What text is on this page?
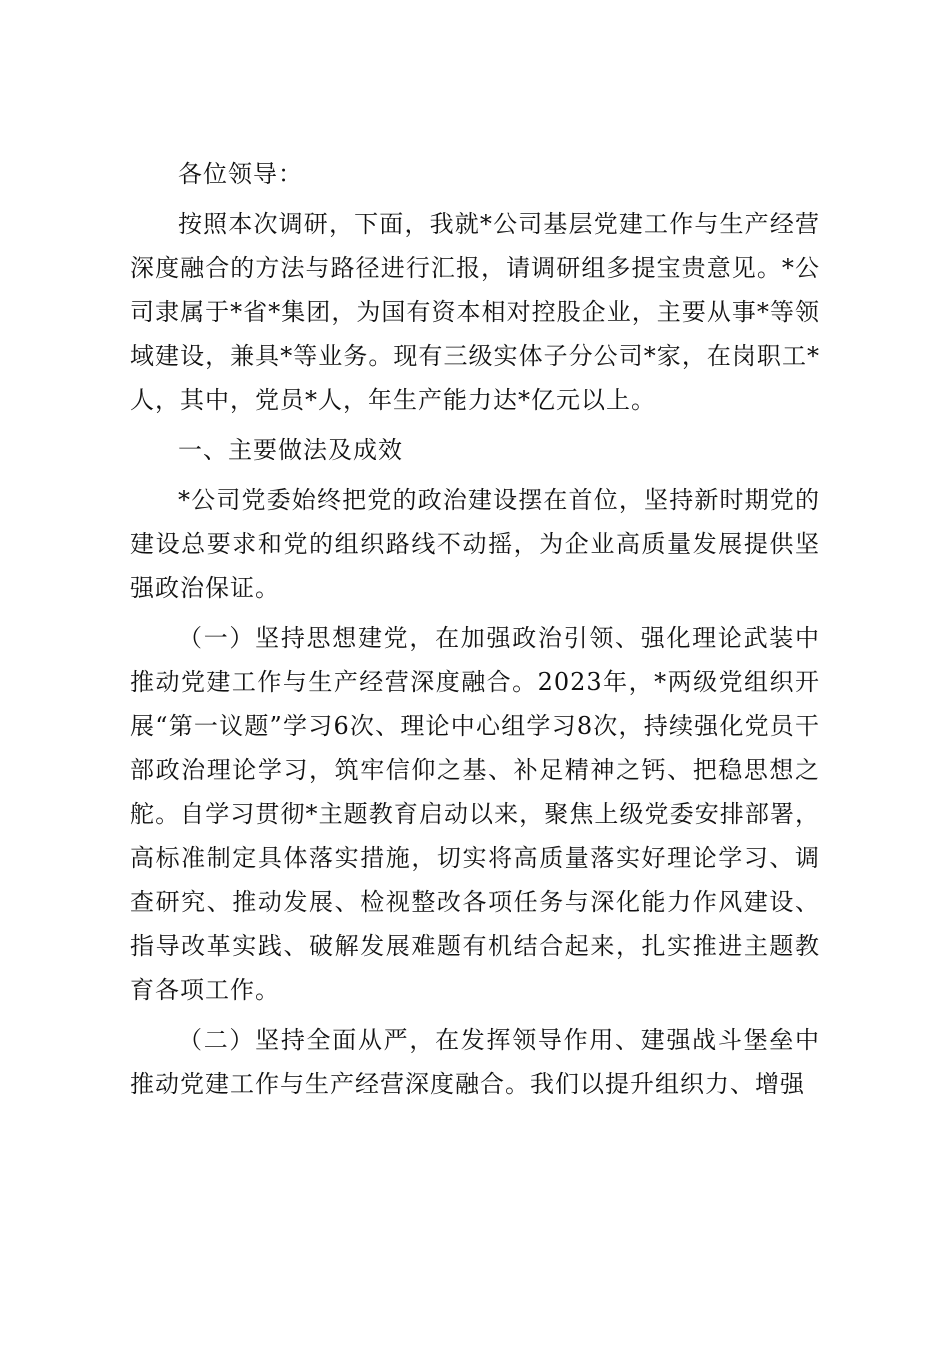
各位领导：

按照本次调研，下面，我就*公司基层党建工作与生产经营深度融合的方法与路径进行汇报，请调研组多提宝贵意见。*公司隶属于*省*集团，为国有资本相对控股企业，主要从事*等领域建设，兼具*等业务。现有三级实体子分公司*家，在岗职工*人，其中，党员*人，年生产能力达*亿元以上。

一、主要做法及成效

*公司党委始终把党的政治建设摆在首位，坚持新时期党的建设总要求和党的组织路线不动摇，为企业高质量发展提供坚强政治保证。

（一）坚持思想建党，在加强政治引领、强化理论武装中推动党建工作与生产经营深度融合。2023年，*两级党组织开展“第一议题”学习6次、理论中心组学习8次，持续强化党员干部政治理论学习，筑牢信仰之基、补足精神之钙、把稳思想之舵。自学习贯彻*主题教育启动以来，聚焦上级党委安排部署，高标准制定具体落实措施，切实将高质量落实好理论学习、调查研究、推动发展、检视整改各项任务与深化能力作风建设、指导改革实践、破解发展难题有机结合起来，扎实推进主题教育各项工作。

（二）坚持全面从严，在发挥领导作用、建强战斗堡垒中推动党建工作与生产经营深度融合。我们以提升组织力、增强
